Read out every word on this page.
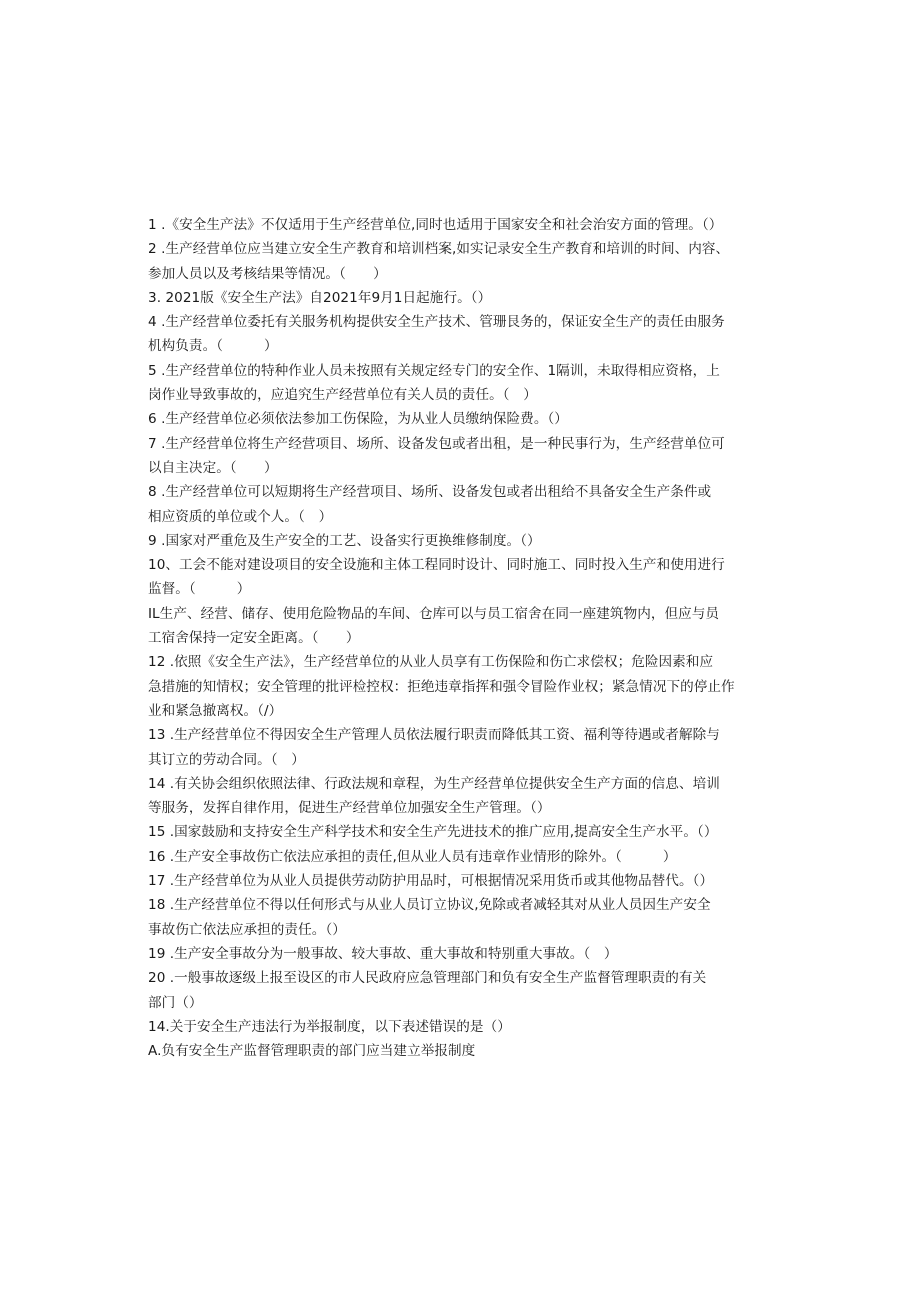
1 .《安全生产法》不仅适用于生产经营单位,同时也适用于国家安全和社会治安方面的管理。（）
2 .生产经营单位应当建立安全生产教育和培训档案,如实记录安全生产教育和培训的时间、内容、
参加人员以及考核结果等情况。（　　）
3. 2021版《安全生产法》自2021年9月1日起施行。（）
4 .生产经营单位委托有关服务机构提供安全生产技术、管珊艮务的，保证安全生产的责任由服务
机构负责。（　　　）
5 .生产经营单位的特种作业人员未按照有关规定经专门的安全作、1隔训，未取得相应资格，上
岗作业导致事故的，应追究生产经营单位有关人员的责任。（　）
6 .生产经营单位必须依法参加工伤保险，为从业人员缴纳保险费。（）
7 .生产经营单位将生产经营项目、场所、设备发包或者出租，是一种民事行为，生产经营单位可
以自主决定。（　　）
8 .生产经营单位可以短期将生产经营项目、场所、设备发包或者出租给不具备安全生产条件或
相应资质的单位或个人。（　）
9 .国家对严重危及生产安全的工艺、设备实行更换维修制度。（）
10、工会不能对建设项目的安全设施和主体工程同时设计、同时施工、同时投入生产和使用进行
监督。（　　　）
IL生产、经营、储存、使用危险物品的车间、仓库可以与员工宿舍在同一座建筑物内，但应与员
工宿舍保持一定安全距离。（　　）
12 .依照《安全生产法》，生产经营单位的从业人员享有工伤保险和伤亡求偿权；危险因素和应
急措施的知情权；安全管理的批评检控权：拒绝违章指挥和强令冒险作业权；紧急情况下的停止作
业和紧急撤离权。（/）
13 .生产经营单位不得因安全生产管理人员依法履行职责而降低其工资、福利等待遇或者解除与
其订立的劳动合同。（　）
14 .有关协会组织依照法律、行政法规和章程，为生产经营单位提供安全生产方面的信息、培训
等服务，发挥自律作用，促进生产经营单位加强安全生产管理。（）
15 .国家鼓励和支持安全生产科学技术和安全生产先进技术的推广应用,提高安全生产水平。（）
16 .生产安全事故伤亡依法应承担的责任,但从业人员有违章作业情形的除外。（　　　）
17 .生产经营单位为从业人员提供劳动防护用品时，可根据情况采用货币或其他物品替代。（）
18 .生产经营单位不得以任何形式与从业人员订立协议,免除或者减轻其对从业人员因生产安全
事故伤亡依法应承担的责任。（）
19 .生产安全事故分为一般事故、较大事故、重大事故和特别重大事故。（　）
20 .一般事故逐级上报至设区的市人民政府应急管理部门和负有安全生产监督管理职责的有关
部门（）
14.关于安全生产违法行为举报制度，以下表述错误的是（）
A.负有安全生产监督管理职责的部门应当建立举报制度
